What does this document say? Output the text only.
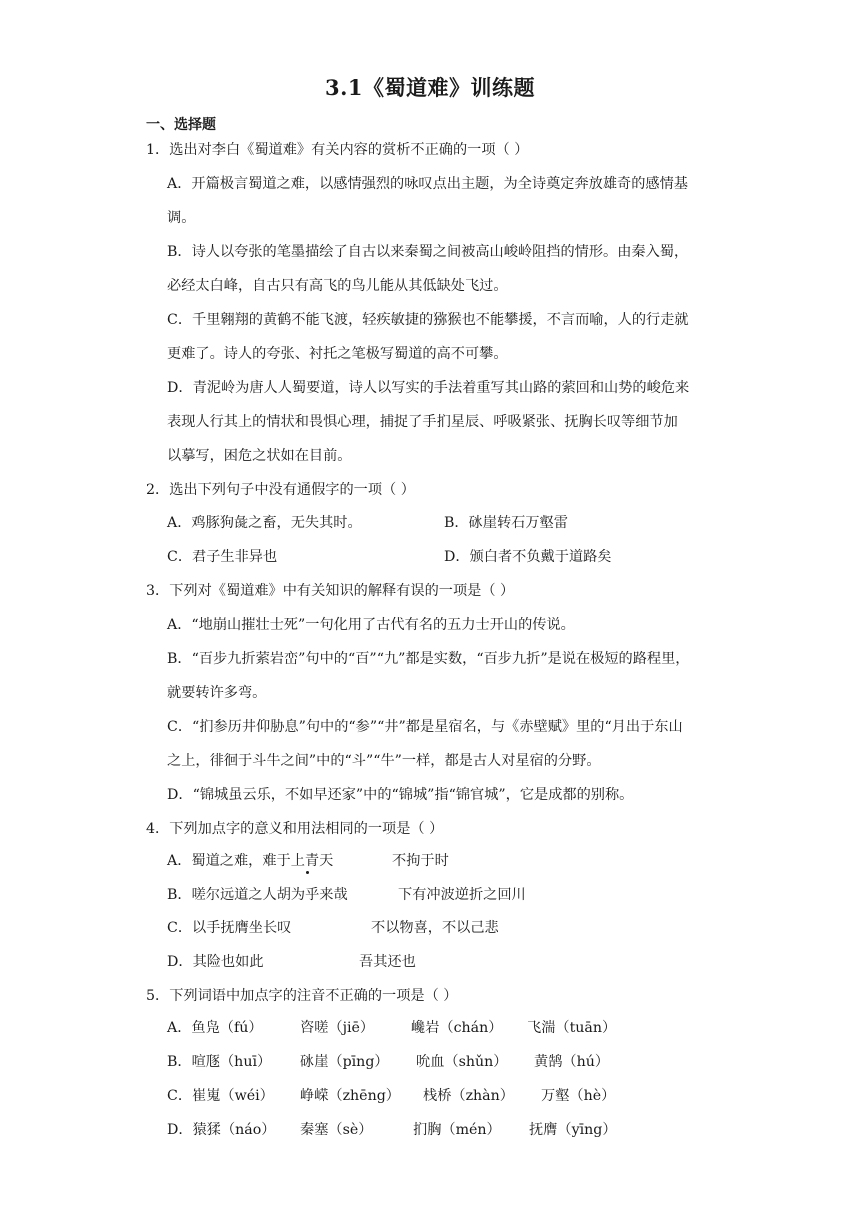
3.1《蜀道难》训练题
一、选择题
1．选出对李白《蜀道难》有关内容的赏析不正确的一项（ ）
A．开篇极言蜀道之难，以感情强烈的咏叹点出主题，为全诗奠定奔放雄奇的感情基
调。
B．诗人以夸张的笔墨描绘了自古以来秦蜀之间被高山峻岭阻挡的情形。由秦入蜀，
必经太白峰，自古只有高飞的鸟儿能从其低缺处飞过。
C．千里翱翔的黄鹤不能飞渡，轻疾敏捷的猕猴也不能攀援，不言而喻，人的行走就
更难了。诗人的夸张、衬托之笔极写蜀道的高不可攀。
D．青泥岭为唐人人蜀要道，诗人以写实的手法着重写其山路的萦回和山势的峻危来
表现人行其上的情状和畏惧心理，捕捉了手扪星辰、呼吸紧张、抚胸长叹等细节加
以摹写，困危之状如在目前。
2．选出下列句子中没有通假字的一项（ ）
A．鸡豚狗彘之畜，无失其时。	B．砯崖转石万壑雷
C．君子生非异也	D．颁白者不负戴于道路矣
3．下列对《蜀道难》中有关知识的解释有误的一项是（ ）
A．“地崩山摧壮士死”一句化用了古代有名的五力士开山的传说。
B．“百步九折萦岩峦”句中的“百”“九”都是实数，“百步九折”是说在极短的路程里，
就要转许多弯。
C．“扪参历井仰胁息”句中的“参”“井”都是星宿名，与《赤壁赋》里的“月出于东山
之上，徘徊于斗牛之间”中的“斗”“牛”一样，都是古人对星宿的分野。
D．“锦城虽云乐，不如早还家”中的“锦城”指“锦官城”，它是成都的别称。
4．下列加点字的意义和用法相同的一项是（ ）
A．蜀道之难，难于上青天	不拘于时
B．嗟尔远道之人胡为乎来哉	下有冲波逆折之回川
C．以手抚膺坐长叹	不以物喜，不以己悲
D．其险也如此	吾其还也
5．下列词语中加点字的注音不正确的一项是（ ）
A．鱼凫（fú）	咨嗟（jiē）	巉岩（chán） 飞湍（tuān）
B．喧豗（huī） 砯崖（pīng） 吮血（shǔn） 黄鹄（hú）
C．崔嵬（wéi） 峥嵘（zhēng） 栈桥（zhàn） 万壑（hè）
D．猿猱（náo） 秦塞（sè）	扪胸（mén） 抚膺（yīng）
